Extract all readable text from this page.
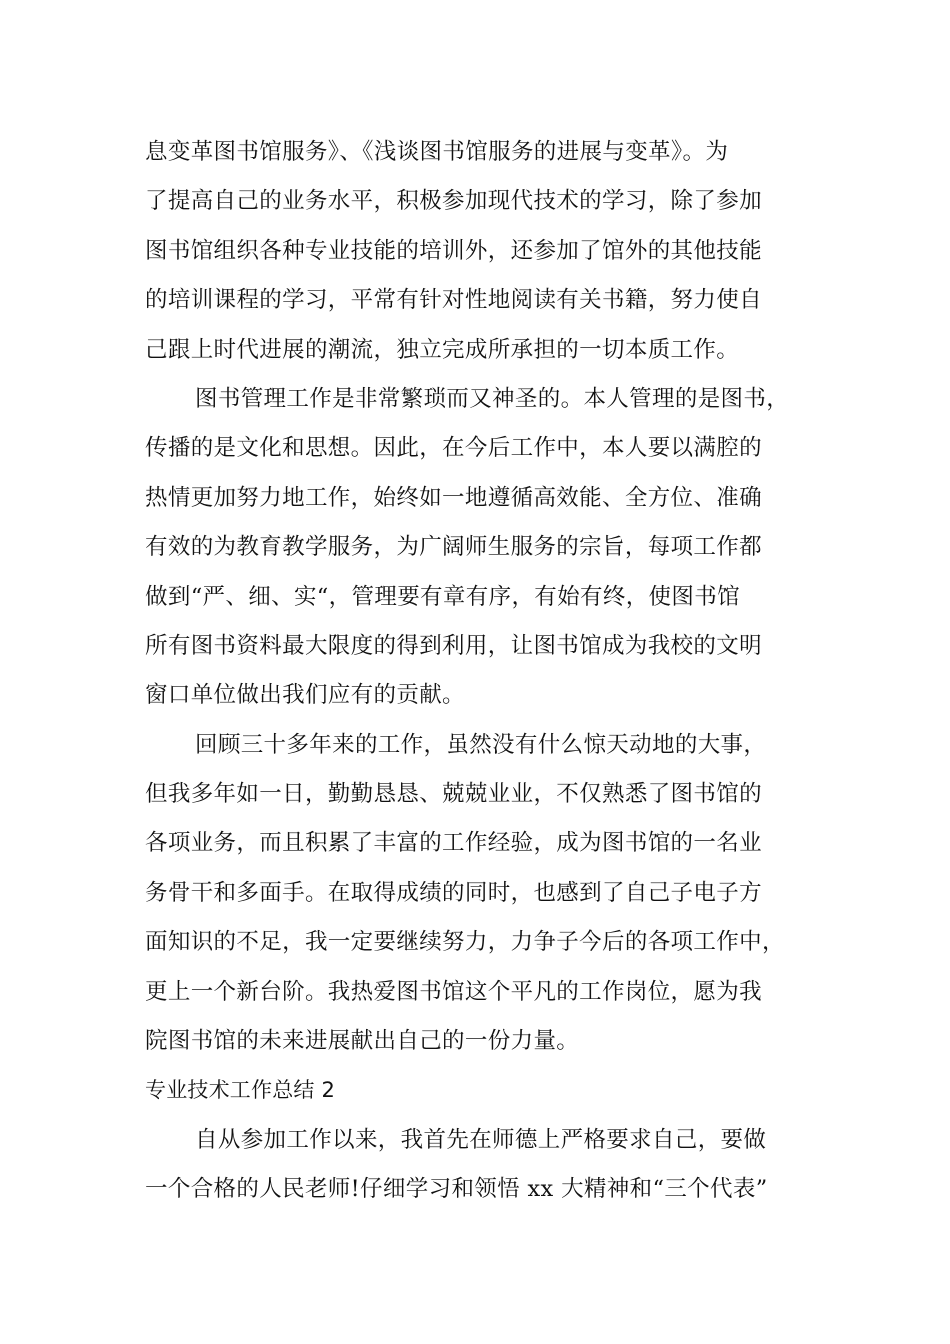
息变革图书馆服务》、《浅谈图书馆服务的进展与变革》。为
了提高自己的业务水平，积极参加现代技术的学习，除了参加
图书馆组织各种专业技能的培训外，还参加了馆外的其他技能
的培训课程的学习，平常有针对性地阅读有关书籍，努力使自
己跟上时代进展的潮流，独立完成所承担的一切本质工作。
图书管理工作是非常繁琐而又神圣的。本人管理的是图书，
传播的是文化和思想。因此，在今后工作中，本人要以满腔的
热情更加努力地工作，始终如一地遵循高效能、全方位、准确
有效的为教育教学服务，为广阔师生服务的宗旨，每项工作都
做到“严、细、实“，管理要有章有序，有始有终，使图书馆
所有图书资料最大限度的得到利用，让图书馆成为我校的文明
窗口单位做出我们应有的贡献。
回顾三十多年来的工作，虽然没有什么惊天动地的大事，
但我多年如一日，勤勤恳恳、兢兢业业，不仅熟悉了图书馆的
各项业务，而且积累了丰富的工作经验，成为图书馆的一名业
务骨干和多面手。在取得成绩的同时，也感到了自己子电子方
面知识的不足，我一定要继续努力，力争子今后的各项工作中，
更上一个新台阶。我热爱图书馆这个平凡的工作岗位，愿为我
院图书馆的未来进展献出自己的一份力量。
专业技术工作总结 2
自从参加工作以来，我首先在师德上严格要求自己，要做
一个合格的人民老师!仔细学习和领悟 xx 大精神和“三个代表”
